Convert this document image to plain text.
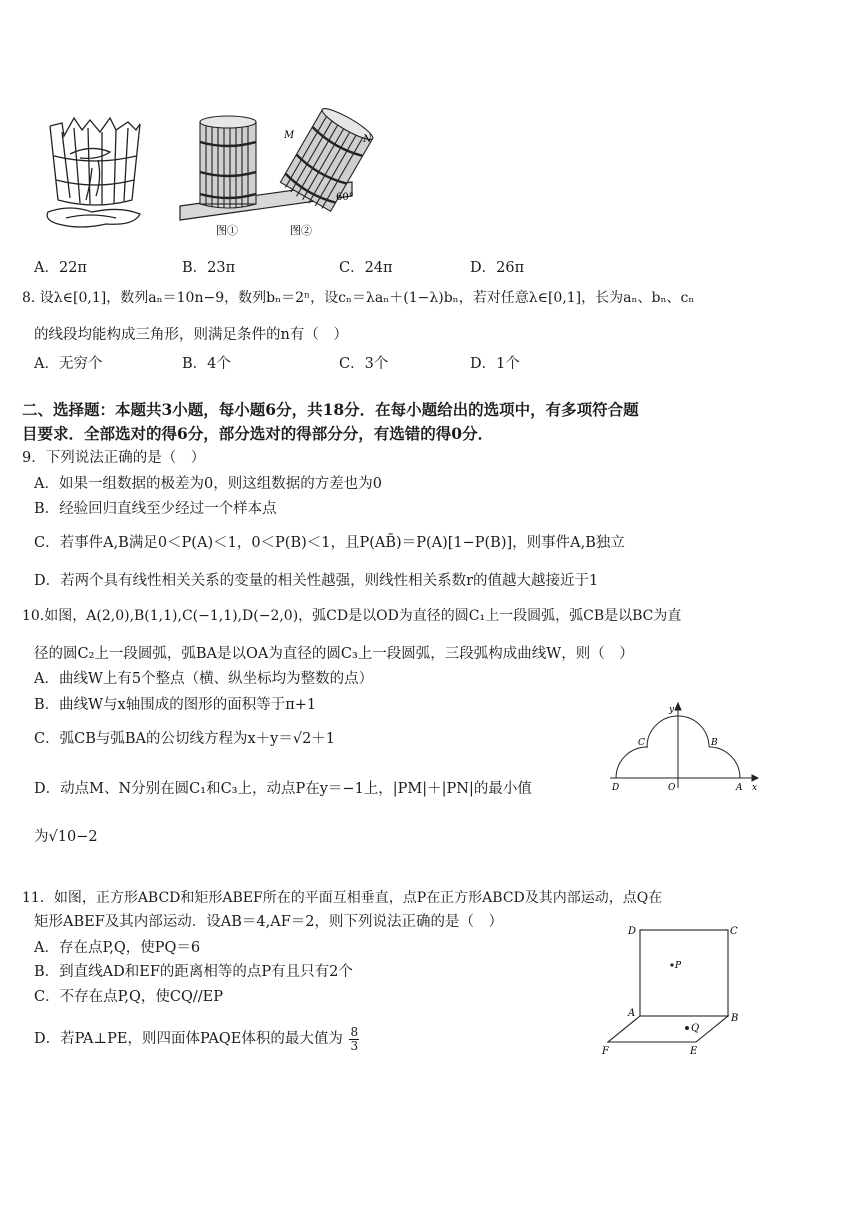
M	N
60°
图①	图②
A．22π	B．23π	C．24π	D．26π
8. 设λ∈[0,1]，数列aₙ＝10n−9，数列bₙ＝2ⁿ，设cₙ＝λaₙ＋(1−λ)bₙ，若对任意λ∈[0,1]，长为aₙ、bₙ、cₙ
的线段均能构成三角形，则满足条件的n有（　）
A．无穷个	B．4个	C．3个	D．1个
二、选择题：本题共3小题，每小题6分，共18分．在每小题给出的选项中，有多项符合题
目要求．全部选对的得6分，部分选对的得部分分，有选错的得0分．
9．下列说法正确的是（　）
A．如果一组数据的极差为0，则这组数据的方差也为0
B．经验回归直线至少经过一个样本点
C．若事件A,B满足0＜P(A)＜1，0＜P(B)＜1，且P(AB̄)＝P(A)[1−P(B)]，则事件A,B独立
D．若两个具有线性相关关系的变量的相关性越强，则线性相关系数r的值越大越接近于1
10.如图，A(2,0),B(1,1),C(−1,1),D(−2,0)，弧CD是以OD为直径的圆C₁上一段圆弧，弧CB是以BC为直
径的圆C₂上一段圆弧，弧BA是以OA为直径的圆C₃上一段圆弧，三段弧构成曲线W，则（　）
A．曲线W上有5个整点（横、纵坐标均为整数的点）
B．曲线W与x轴围成的图形的面积等于π+1
C．弧CB与弧BA的公切线方程为x＋y＝√2＋1
D．动点M、N分别在圆C₁和C₃上，动点P在y＝−1上，|PM|＋|PN|的最小值
为√10−2
y
x
O
D	A
C	B
11．如图，正方形ABCD和矩形ABEF所在的平面互相垂直，点P在正方形ABCD及其内部运动，点Q在
矩形ABEF及其内部运动．设AB＝4,AF＝2，则下列说法正确的是（　）
A．存在点P,Q，使PQ＝6
B．到直线AD和EF的距离相等的点P有且只有2个
C．不存在点P,Q，使CQ//EP
D．若PA⊥PE，则四面体PAQE体积的最大值为 $\frac{8}{3}$
D	C
P
A	B
Q
F	E
